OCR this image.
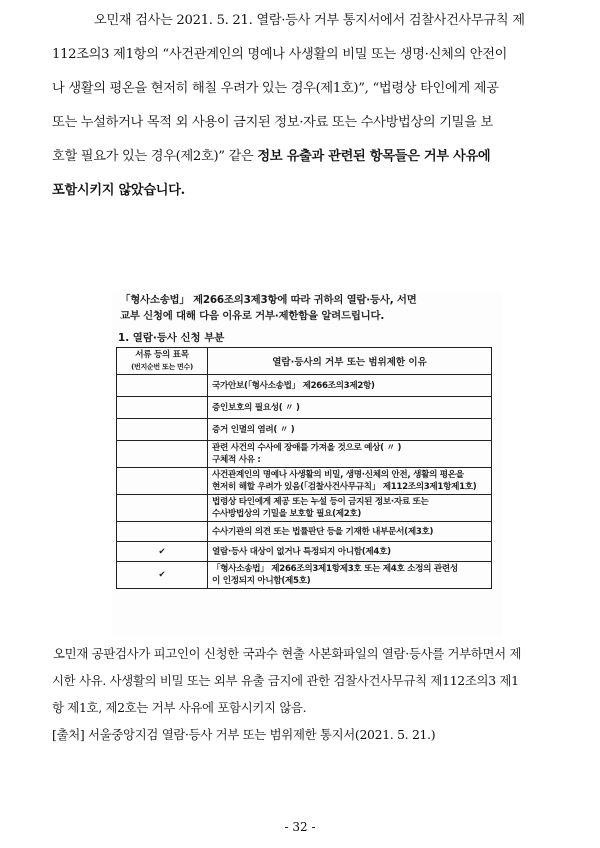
오민재 검사는 2021. 5. 21. 열람·등사 거부 통지서에서 검찰사건사무규칙 제
112조의3 제1항의 “사건관계인의 명예나 사생활의 비밀 또는 생명·신체의 안전이
나 생활의 평온을 현저히 해칠 우려가 있는 경우(제1호)”, “법령상 타인에게 제공
또는 누설하거나 목적 외 사용이 금지된 정보·자료 또는 수사방법상의 기밀을 보
호할 필요가 있는 경우(제2호)” 같은 정보 유출과 관련된 항목들은 거부 사유에
포함시키지 않았습니다.
「형사소송법」 제266조의3제3항에 따라 귀하의 열람·등사, 서면
교부 신청에 대해 다음 이유로 거부·제한함을 알려드립니다.
1. 열람·등사 신청 부분
서류 등의 표목
(번지순번 또는 면수)	열람·등사의 거부 또는 범위제한 이유
	국가안보(「형사소송법」 제266조의3제2항)
	증인보호의 필요성( 〃 )
	증거 인멸의 염려( 〃 )

	관련 사건의 수사에 장애를 가져올 것으로 예상( 〃 )
구체적 사유 :

	사건관계인의 명예나 사생활의 비밀, 생명·신체의 안전, 생활의 평온을
현저히 해할 우려가 있음(「검찰사건사무규칙」 제112조의3제1항제1호)

	법령상 타인에게 제공 또는 누설 등이 금지된 정보·자료 또는
수사방법상의 기밀을 보호할 필요(제2호)

	수사기관의 의견 또는 법률판단 등을 기재한 내부문서(제3호)
✔	열람·등사 대상이 없거나 특정되지 아니함(제4호)
✔	「형사소송법」 제266조의3제1항제3호 또는 제4호 소정의 관련성
이 인정되지 아니함(제5호)
오민재 공판검사가 피고인이 신청한 국과수 현출 사본화파일의 열람·등사를 거부하면서 제
시한 사유. 사생활의 비밀 또는 외부 유출 금지에 관한 검찰사건사무규칙 제112조의3 제1
항 제1호, 제2호는 거부 사유에 포함시키지 않음.
[출처] 서울중앙지검 열람·등사 거부 또는 범위제한 통지서(2021. 5. 21.)
- 32 -
